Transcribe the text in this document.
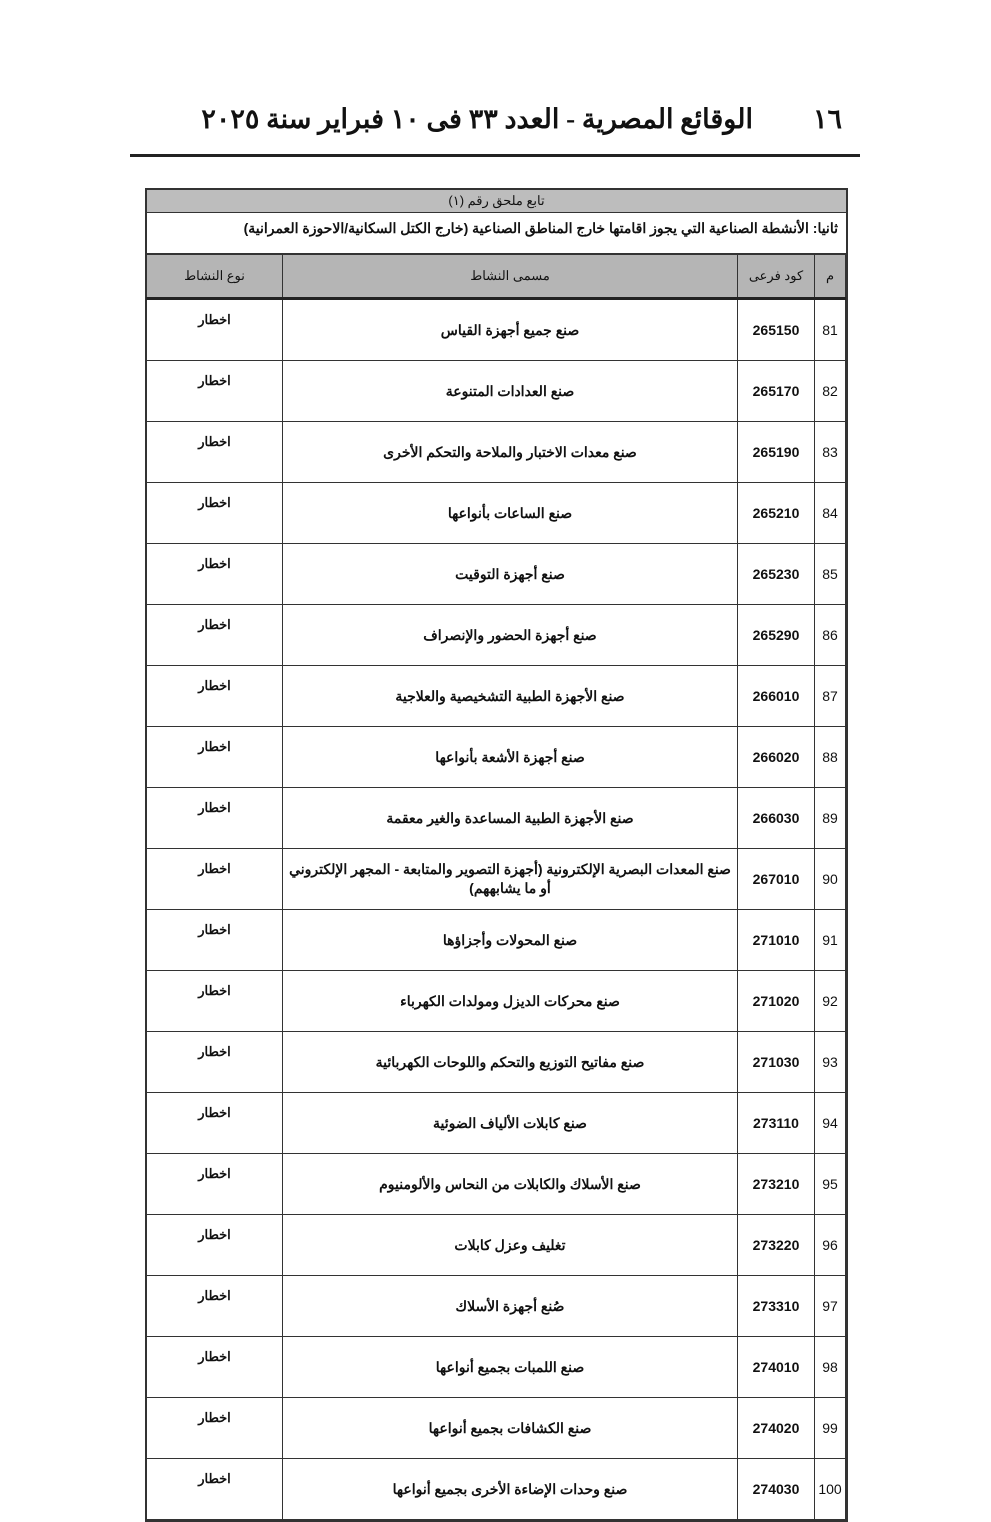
١٦
الوقائع المصرية - العدد ٣٣ فى ١٠ فبراير سنة ٢٠٢٥
تابع ملحق رقم (١)
ثانيا: الأنشطة الصناعية التي يجوز اقامتها خارج المناطق الصناعية (خارج الكتل السكانية/الاحوزة العمرانية)
م	كود فرعى	مسمى النشاط	نوع النشاط
81	265150	صنع جميع أجهزة القياس	اخطار
82	265170	صنع العدادات المتنوعة	اخطار
83	265190	صنع معدات الاختبار والملاحة والتحكم الأخرى	اخطار
84	265210	صنع الساعات بأنواعها	اخطار
85	265230	صنع أجهزة التوقيت	اخطار
86	265290	صنع أجهزة الحضور والإنصراف	اخطار
87	266010	صنع الأجهزة الطبية التشخيصية والعلاجية	اخطار
88	266020	صنع أجهزة الأشعة بأنواعها	اخطار
89	266030	صنع الأجهزة الطبية المساعدة والغير معقمة	اخطار
90	267010	صنع المعدات البصرية الإلكترونية (أجهزة التصوير والمتابعة - المجهر الإلكتروني أو ما يشابههم)	اخطار
91	271010	صنع المحولات وأجزاؤها	اخطار
92	271020	صنع محركات الديزل ومولدات الكهرباء	اخطار
93	271030	صنع مفاتيح التوزيع والتحكم واللوحات الكهربائية	اخطار
94	273110	صنع كابلات الألياف الضوئية	اخطار
95	273210	صنع الأسلاك والكابلات من النحاس والألومنيوم	اخطار
96	273220	تغليف وعزل كابلات	اخطار
97	273310	صُنع أجهزة الأسلاك	اخطار
98	274010	صنع اللمبات بجميع أنواعها	اخطار
99	274020	صنع الكشافات بجميع أنواعها	اخطار
100	274030	صنع وحدات الإضاءة الأخرى بجميع أنواعها	اخطار
